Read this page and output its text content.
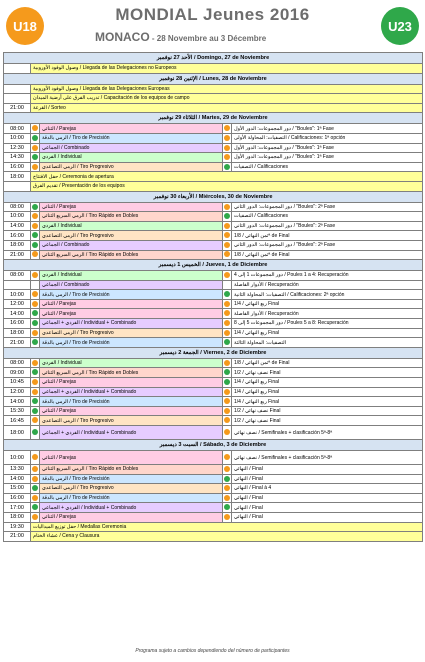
U18
MONDIAL Jeunes 2016
MONACO - 28 Novembre au 3 Décembre
U23
الأحد 27 نوفمبر / Domingo, 27 de Noviembre				
	وصول الوفود الأوروبية / Llegada de las Delegaciones no Europeos			
الإثنين 28 نوفمبر / Lunes, 28 de Noviembre				
	وصول الوفود الأوروبية / Llegada de las Delegaciones Europeas			
	تدريب الفرق على أرضية الميدان / Capacitación de los equipos de campo			
21:00	القرعة / Sorteo			
الثلاثاء 29 نوفمبر / Martes, 29 de Noviembre				
08:00		الثنائي / Parejas		دور المجموعات: الدور الأول / "Boules": 1ª Fase
10:00		الرمي بالدقة / Tiro de Precisión		التصفيات: المحاولة الأولى / Calificaciones: 1ª opción
12:30		الجماعي / Combinado		دور المجموعات: الدور الأول / "Boules": 1ª Fase
14:30		الفردي / Individual		دور المجموعات: الدور الأول / "Boules": 1ª Fase
16:00		الرمي التصاعدي / Tiro Progresivo		التصفيات / Calificaciones
18:00	حفل الافتتاح / Ceremonia de apertura			
	تقديم الفرق / Presentación de los equipos			
الأربعاء 30 نوفمبر / Miércoles, 30 de Noviembre				
08:00		الثنائي / Parejas		دور المجموعات: الدور الثاني / "Boules": 2ª Fase
10:00		الرمي السريع الثنائي / Tiro Rápido en Dobles		التصفيات / Calificaciones
14:00		الفردي / Individual		دور المجموعات: الدور الثاني / "Boules": 2ª Fase
16:00		الرمي التصاعدي / Tiro Progresivo		ثمن النهائي / 1/8ª de Final
18:00		الجماعي / Combinado		دور المجموعات: الدور الثاني / "Boules": 2ª Fase
21:00		الرمي السريع الثنائي / Tiro Rápido en Dobles		ثمن النهائي / 1/8ª de Final
الخميس 1 ديسمبر / Jueves, 1 de Diciembre				
08:00		الفردي / Individual		دور المجموعات 1 إلى 4 / Poules 1 a 4: Recuperación
		الجماعي / Combinado		الأدوار الفاصلة / Recuperación
10:00		الرمي بالدقة / Tiro de Precisión		التصفيات: المحاولة الثانية / Calificaciones: 2ª opción
12:00		الثنائي / Parejas		ربع النهائي / 1/4 Final
14:00		الثنائي / Parejas		الأدوار الفاصلة / Recuperación
16:00		الفردي + الجماعي / Individual + Combinado		دور المجموعات 5 إلى 8 / Poules 5 a 8: Recuperación
18:00		الرمي التصاعدي / Tiro Progresivo		ربع النهائي / 1/4 Final
21:00		الرمي بالدقة / Tiro de Precisión		التصفيات: المحاولة الثالثة
الجمعة 2 ديسمبر / Viernes, 2 de Diciembre				
08:00		الفردي / Individual		ثمن النهائي / 1/8ª de Final
09:00		الرمي السريع الثنائي / Tiro Rápido en Dobles		نصف نهائي / 1/2 Final
10:45		الثنائي / Parejas		ربع النهائي / 1/4 Final
12:00		الفردي + الجماعي / Individual + Combinado		ربع النهائي / 1/4 Final
14:00		الرمي بالدقة / Tiro de Precisión		ربع النهائي / 1/4 Final
15:30		الثنائي / Parejas		نصف نهائي / 1/2 Final
16:45		الرمي التصاعدي / Tiro Progresivo		نصف نهائي / 1/2 Final
18:00		الفردي + الجماعي / Individual + Combinado		نصف نهائي / Semifinales + clasificación 5ª-8ª
السبت 3 ديسمبر / Sábado, 3 de Diciembre				
10:00		الثنائي / Parejas		نصف نهائي / Semifinales + clasificación 5ª-8ª
13:30		الرمي السريع الثنائي / Tiro Rápido en Dobles		النهائي / Final
14:00		الرمي بالدقة / Tiro de Precisión		النهائي / Final
15:00		الرمي التصاعدي / Tiro Progresivo		النهائي / Final à 4
16:00		الرمي بالدقة / Tiro de Precisión		النهائي / Final
17:00		الفردي + الجماعي / Individual + Combinado		النهائي / Final
18:00		الثنائي / Parejas		النهائي / Final
19:30	حفل توزيع الميداليات / Medallas Ceremonia			
21:00	عشاء الختام / Cena y Clausura			
Programa sujeto a cambios dependiendo del número de participantes
